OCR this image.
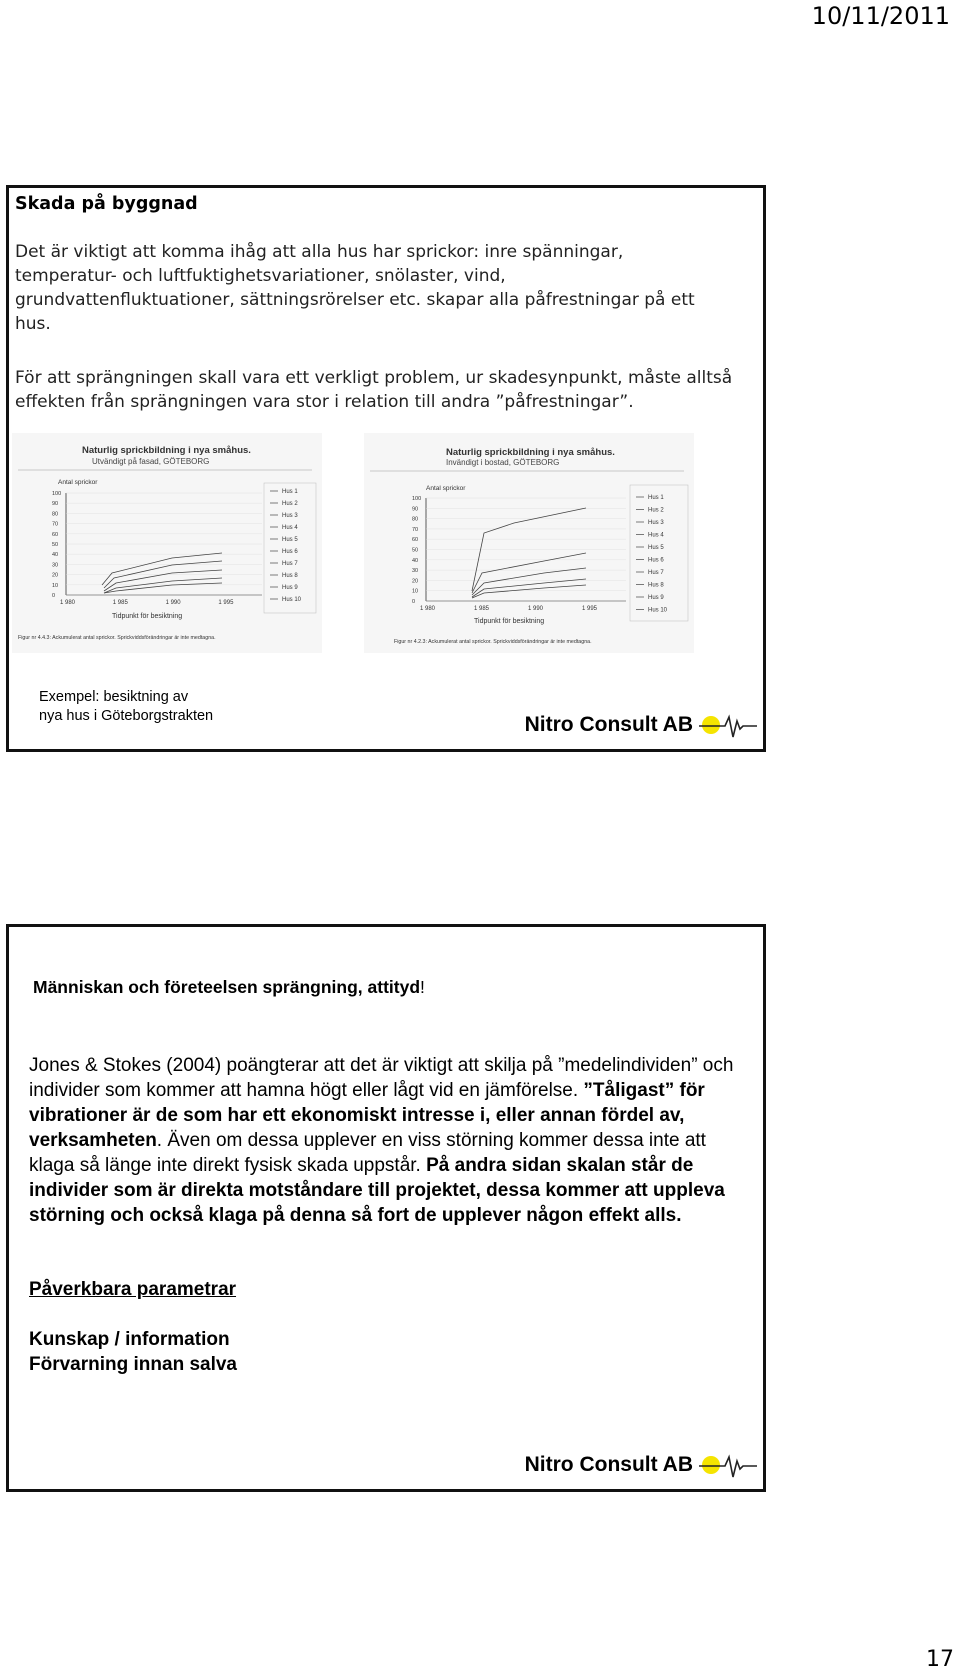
10/11/2011
Skada på byggnad
Det är viktigt att komma ihåg att alla hus har sprickor: inre spänningar, temperatur- och luftfuktighetsvariationer, snölaster, vind, grundvattenfluktuationer, sättningsrörelser etc. skapar alla påfrestningar på ett hus.
För att sprängningen skall vara ett verkligt problem, ur skadesynpunkt, måste alltså effekten från sprängningen vara stor i relation till andra ”påfrestningar”.
Naturlig sprickbildning i nya småhus.
Utvändigt på fasad, GÖTEBORG
Antal sprickor
100
90
80
70
60
50
40
30
20
10
0
1 980	1 985	1 990	1 995
Tidpunkt för besiktning
Hus 1
Hus 2
Hus 3
Hus 4
Hus 5
Hus 6
Hus 7
Hus 8
Hus 9
Hus 10
Figur nr 4.4.3: Ackumulerat antal sprickor. Sprickviddsförändringar är inte medtagna.
Naturlig sprickbildning i nya småhus.
Invändigt i bostad, GÖTEBORG
Antal sprickor
100
90
80
70
60
50
40
30
20
10
0
1 980	1 985	1 990	1 995
Tidpunkt för besiktning
Hus 1
Hus 2
Hus 3
Hus 4
Hus 5
Hus 6
Hus 7
Hus 8
Hus 9
Hus 10
Figur nr 4.2.3: Ackumulerat antal sprickor. Sprickviddsförändringar är inte medtagna.
Exempel: besiktning av
nya hus i Göteborgstrakten	Nitro Consult AB
Människan och företeelsen sprängning, attityd!
Jones & Stokes (2004) poängterar att det är viktigt att skilja på ”medelindividen” och individer som kommer att hamna högt eller lågt vid en jämförelse. ”Tåligast” för vibrationer är de som har ett ekonomiskt intresse i, eller annan fördel av, verksamheten. Även om dessa upplever en viss störning kommer dessa inte att klaga så länge inte direkt fysisk skada uppstår. På andra sidan skalan står de individer som är direkta motståndare till projektet, dessa kommer att uppleva störning och också klaga på denna så fort de upplever någon effekt alls.
Påverkbara parametrar
Kunskap / information
Förvarning innan salva
Nitro Consult AB
17
